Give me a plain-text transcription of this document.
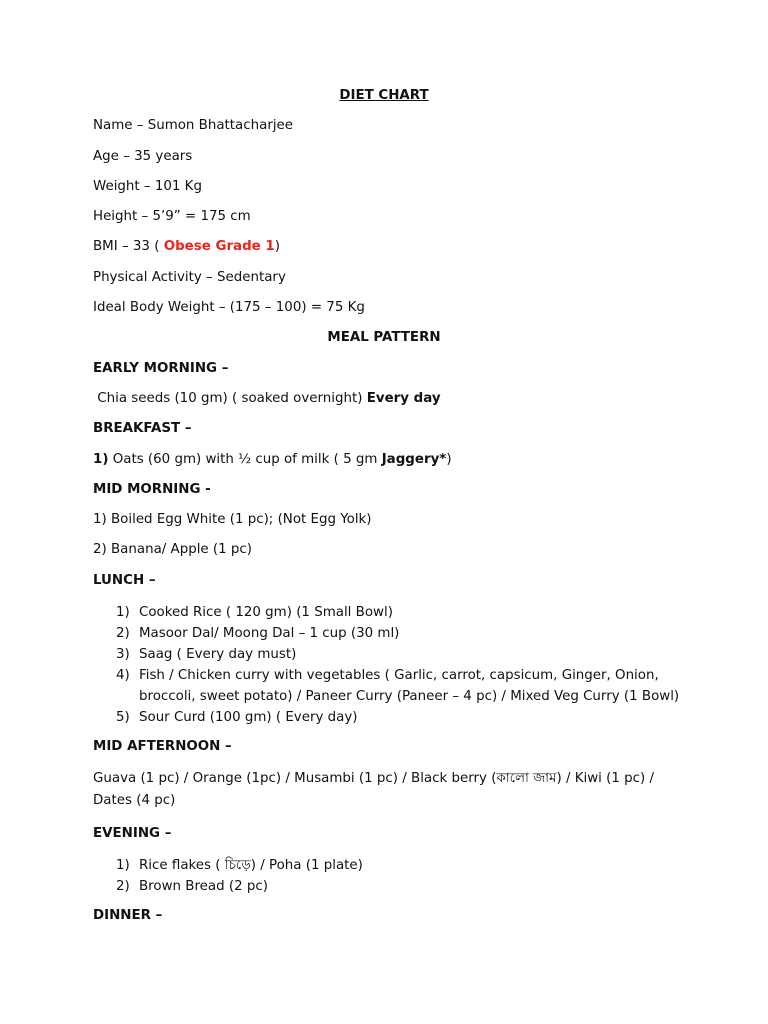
DIET CHART

Name – Sumon Bhattacharjee

Age – 35 years

Weight – 101 Kg

Height – 5’9” = 175 cm

BMI – 33 ( Obese Grade 1)

Physical Activity – Sedentary

Ideal Body Weight – (175 – 100) = 75 Kg

MEAL PATTERN

EARLY MORNING –

Chia seeds (10 gm) ( soaked overnight) Every day

BREAKFAST –

1) Oats (60 gm) with ½ cup of milk ( 5 gm Jaggery*)

MID MORNING -

1) Boiled Egg White (1 pc); (Not Egg Yolk)

2) Banana/ Apple (1 pc)

LUNCH –

1) Cooked Rice ( 120 gm) (1 Small Bowl)
2) Masoor Dal/ Moong Dal – 1 cup (30 ml)
3) Saag ( Every day must)
4) Fish / Chicken curry with vegetables ( Garlic, carrot, capsicum, Ginger, Onion, broccoli, sweet potato) / Paneer Curry (Paneer – 4 pc) / Mixed Veg Curry (1 Bowl)
5) Sour Curd (100 gm) ( Every day)

MID AFTERNOON –

Guava (1 pc) / Orange (1pc) / Musambi (1 pc) / Black berry (কালো জাম) / Kiwi (1 pc) / Dates (4 pc)

EVENING –

1) Rice flakes ( চিড়ে) / Poha (1 plate)
2) Brown Bread (2 pc)

DINNER –
